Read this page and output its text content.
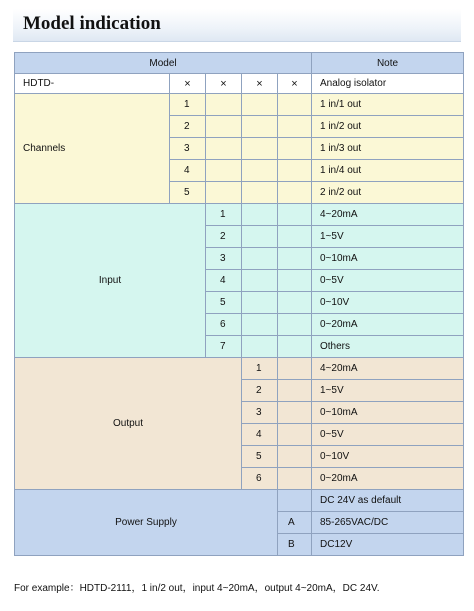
Model indication
Model					Note
HDTD-	×	×	×	×	Analog isolator
Channels	1				1 in/1 out
	2				1 in/2 out
	3				1 in/3 out
	4				1 in/4 out
	5				2 in/2 out
Input		1			4~20mA
		2			1~5V
		3			0~10mA
		4			0~5V
		5			0~10V
		6			0~20mA
		7			Others
Output			1		4~20mA
			2		1~5V
			3		0~10mA
			4		0~5V
			5		0~10V
			6		0~20mA
Power Supply					DC 24V as default
				A	85-265VAC/DC
				B	DC12V
For example：HDTD-2111，1 in/2 out，input 4~20mA，output 4~20mA，DC 24V.
